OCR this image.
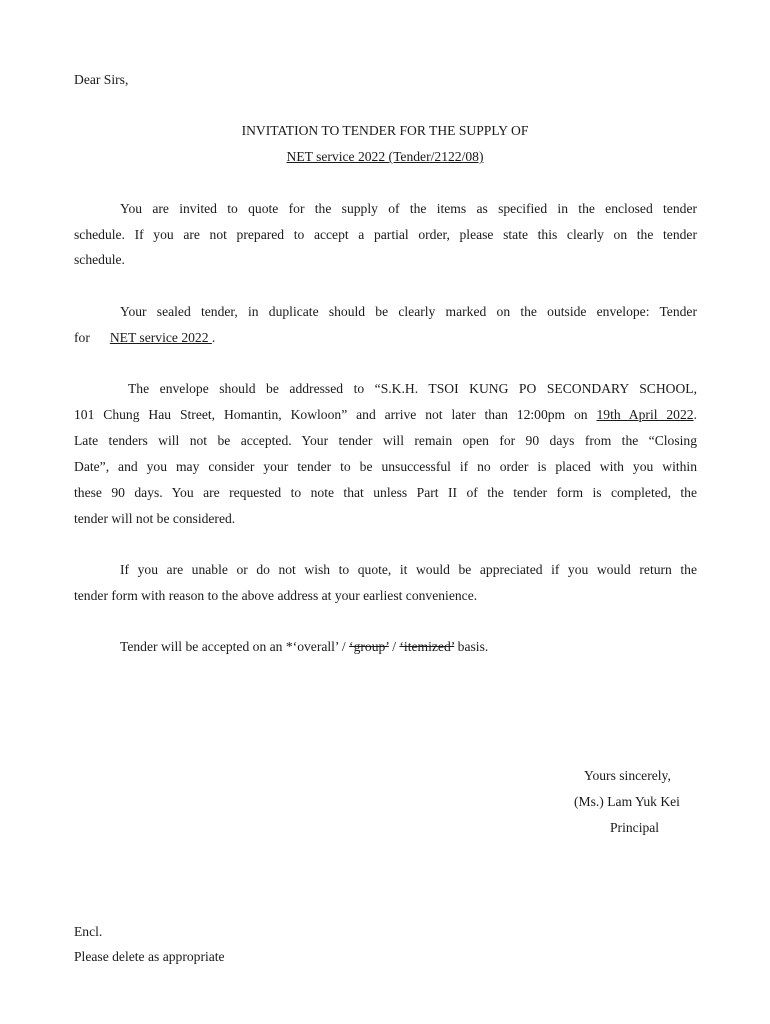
Dear Sirs,
INVITATION TO TENDER FOR THE SUPPLY OF
NET service 2022 (Tender/2122/08)
You are invited to quote for the supply of the items as specified in the enclosed tender
schedule. If you are not prepared to accept a partial order, please state this clearly on the tender
schedule.
Your sealed tender, in duplicate should be clearly marked on the outside envelope: Tender
for NET service 2022 .
The envelope should be addressed to “S.K.H. TSOI KUNG PO SECONDARY SCHOOL,
101 Chung Hau Street, Homantin, Kowloon” and arrive not later than 12:00pm on 19th April 2022.
Late tenders will not be accepted. Your tender will remain open for 90 days from the “Closing
Date”, and you may consider your tender to be unsuccessful if no order is placed with you within
these 90 days. You are requested to note that unless Part II of the tender form is completed, the
tender will not be considered.
If you are unable or do not wish to quote, it would be appreciated if you would return the
tender form with reason to the above address at your earliest convenience.
Tender will be accepted on an *‘overall’ / ‘group’ / ‘itemized’ basis.
Yours sincerely,
(Ms.) Lam Yuk Kei
Principal
Encl.
Please delete as appropriate
